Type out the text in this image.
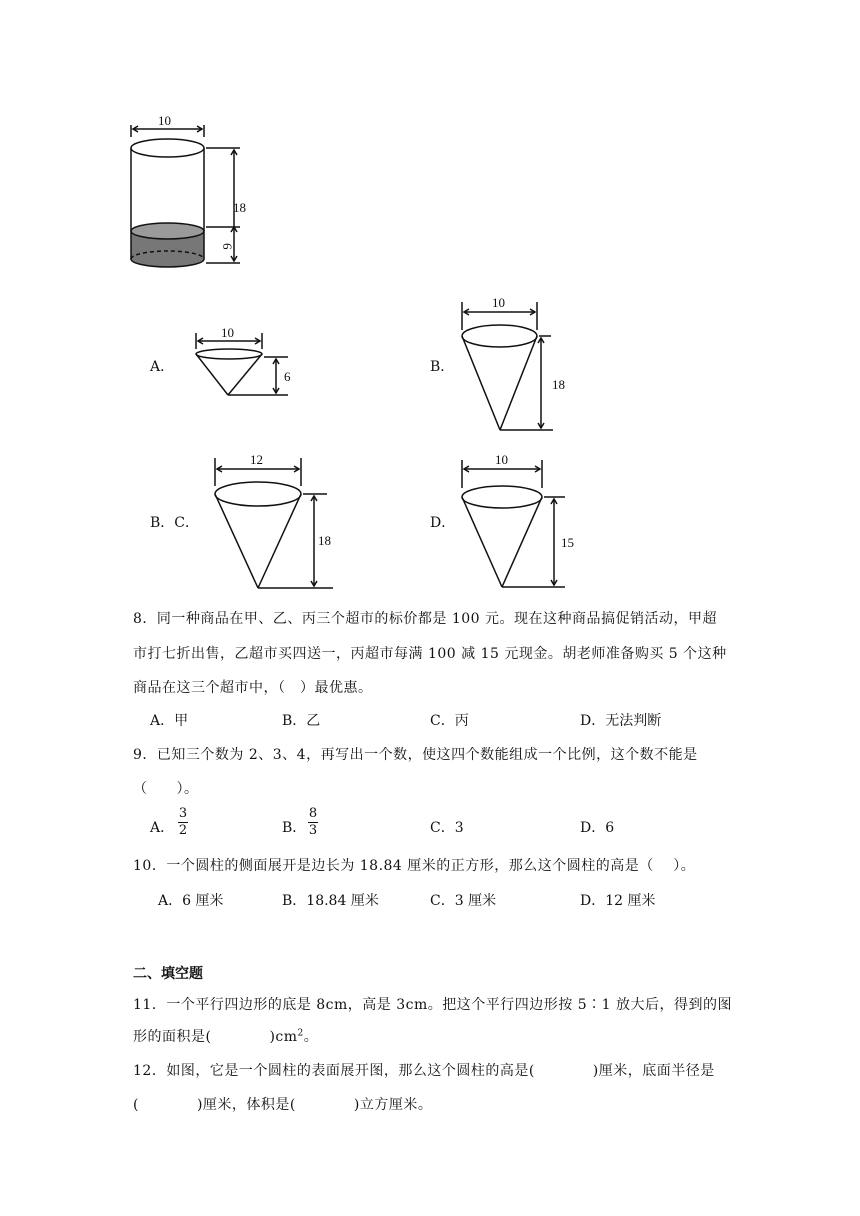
10
18
6
A．
10
6
B．
10
18
B．C．
12
18
D．
10
15
8．同一种商品在甲、乙、丙三个超市的标价都是 100 元。现在这种商品搞促销活动，甲超
市打七折出售，乙超市买四送一，丙超市每满 100 减 15 元现金。胡老师准备购买 5 个这种
商品在这三个超市中，（　）最优惠。
A．甲	B．乙	C．丙	D．无法判断
9．已知三个数为 2、3、4，再写出一个数，使这四个数能组成一个比例，这个数不能是
（　　）。
A．
3
2	B．
8
3	C．3	D．6
10．一个圆柱的侧面展开是边长为 18.84 厘米的正方形，那么这个圆柱的高是（　 ）。
A．6 厘米	B．18.84 厘米	C．3 厘米	D．12 厘米
二、填空题
11．一个平行四边形的底是 8cm，高是 3cm。把这个平行四边形按 5∶1 放大后，得到的图
形的面积是(　　　　)$cm^2$。
12．如图，它是一个圆柱的表面展开图，那么这个圆柱的高是(　　　　)厘米，底面半径是
(　　　　)厘米，体积是(　　　　)立方厘米。
